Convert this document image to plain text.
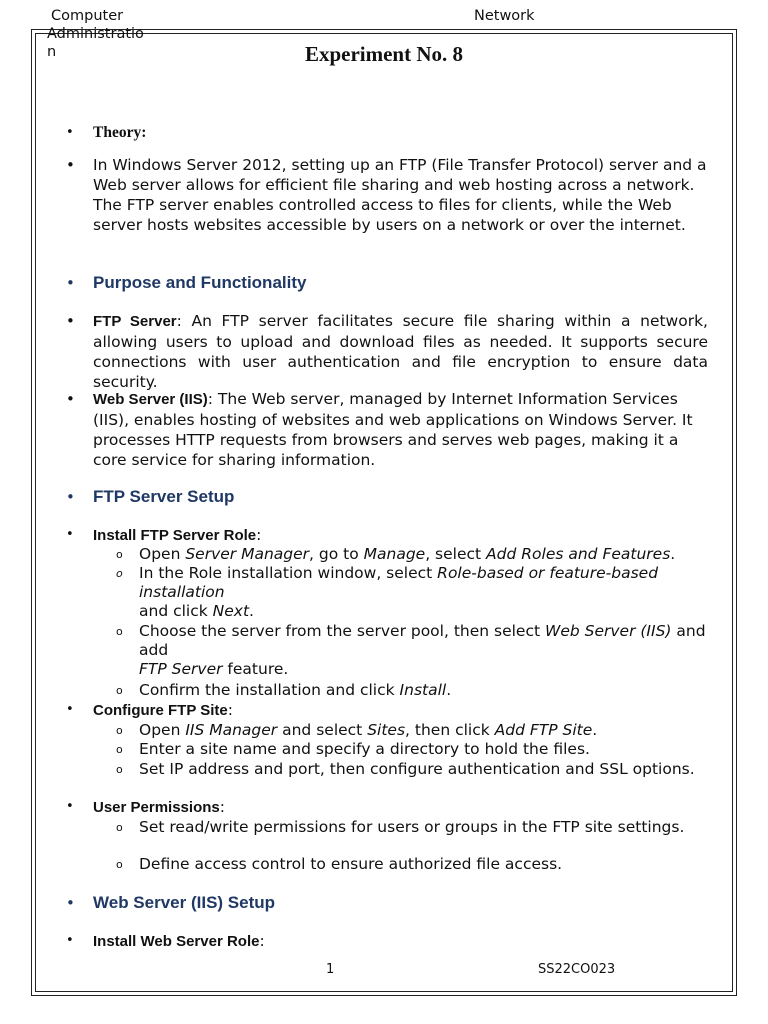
Computer
Administration
Network
Experiment No. 8
• Theory:
• In Windows Server 2012, setting up an FTP (File Transfer Protocol) server and a Web server allows for efficient file sharing and web hosting across a network. The FTP server enables controlled access to files for clients, while the Web server hosts websites accessible by users on a network or over the internet.
• Purpose and Functionality
• FTP Server: An FTP server facilitates secure file sharing within a network, allowing users to upload and download files as needed. It supports secure connections with user authentication and file encryption to ensure data security.
• Web Server (IIS): The Web server, managed by Internet Information Services (IIS), enables hosting of websites and web applications on Windows Server. It processes HTTP requests from browsers and serves web pages, making it a core service for sharing information.
• FTP Server Setup
• Install FTP Server Role:
o Open Server Manager, go to Manage, select Add Roles and Features.
o In the Role installation window, select Role-based or feature-based installation
and click Next.
o Choose the server from the server pool, then select Web Server (IIS) and add
FTP Server feature.
o Confirm the installation and click Install.
• Configure FTP Site:
o Open IIS Manager and select Sites, then click Add FTP Site.
o Enter a site name and specify a directory to hold the files.
o Set IP address and port, then configure authentication and SSL options.
• User Permissions:
o Set read/write permissions for users or groups in the FTP site settings.
o Define access control to ensure authorized file access.
• Web Server (IIS) Setup
• Install Web Server Role:
1	SS22CO023
